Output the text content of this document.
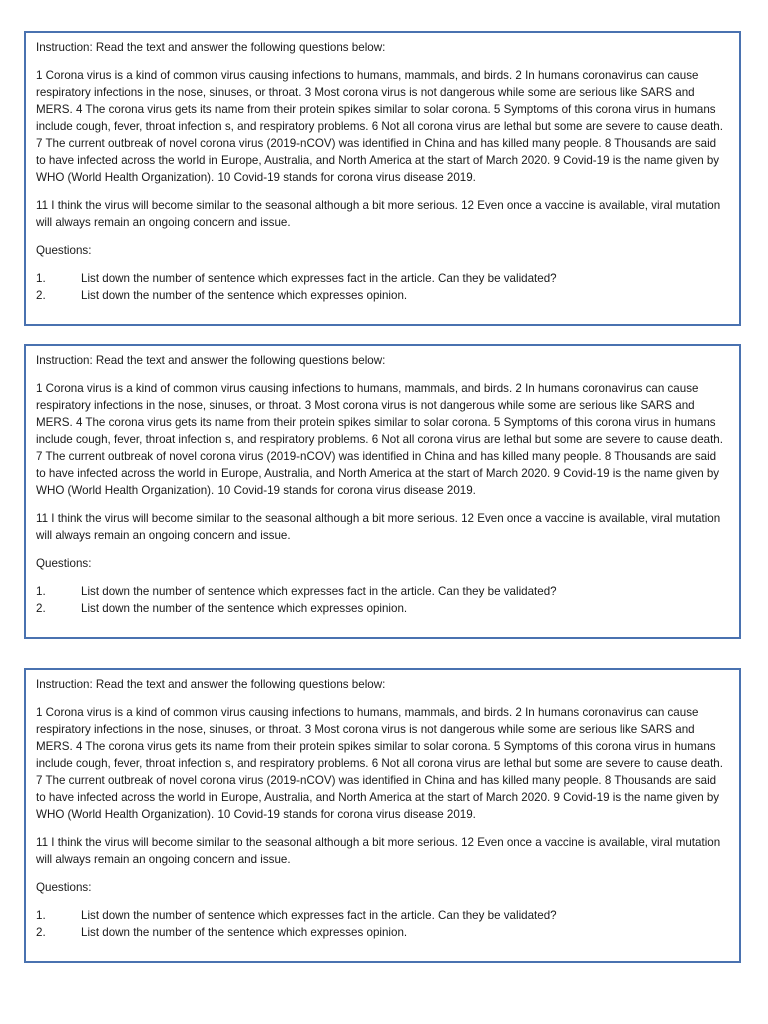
Instruction: Read the text and answer the following questions below:

1 Corona virus is a kind of common virus causing infections to humans, mammals, and birds. 2 In humans coronavirus can cause respiratory infections in the nose, sinuses, or throat. 3 Most corona virus is not dangerous while some are serious like SARS and MERS. 4 The corona virus gets its name from their protein spikes similar to solar corona. 5 Symptoms of this corona virus in humans include cough, fever, throat infection s, and respiratory problems. 6 Not all corona virus are lethal but some are severe to cause death. 7 The current outbreak of novel corona virus (2019-nCOV) was identified in China and has killed many people. 8 Thousands are said to have infected across the world in Europe, Australia, and North America at the start of March 2020. 9 Covid-19 is the name given by WHO (World Health Organization). 10 Covid-19 stands for corona virus disease 2019.

11 I think the virus will become similar to the seasonal although a bit more serious. 12 Even once a vaccine is available, viral mutation will always remain an ongoing concern and issue.

Questions:

1.	List down the number of sentence which expresses fact in the article. Can they be validated?
2.	List down the number of the sentence which expresses opinion.

Instruction: Read the text and answer the following questions below:

1 Corona virus is a kind of common virus causing infections to humans, mammals, and birds. 2 In humans coronavirus can cause respiratory infections in the nose, sinuses, or throat. 3 Most corona virus is not dangerous while some are serious like SARS and MERS. 4 The corona virus gets its name from their protein spikes similar to solar corona. 5 Symptoms of this corona virus in humans include cough, fever, throat infection s, and respiratory problems. 6 Not all corona virus are lethal but some are severe to cause death. 7 The current outbreak of novel corona virus (2019-nCOV) was identified in China and has killed many people. 8 Thousands are said to have infected across the world in Europe, Australia, and North America at the start of March 2020. 9 Covid-19 is the name given by WHO (World Health Organization). 10 Covid-19 stands for corona virus disease 2019.

11 I think the virus will become similar to the seasonal although a bit more serious. 12 Even once a vaccine is available, viral mutation will always remain an ongoing concern and issue.

Questions:

1.	List down the number of sentence which expresses fact in the article. Can they be validated?
2.	List down the number of the sentence which expresses opinion.

Instruction: Read the text and answer the following questions below:

1 Corona virus is a kind of common virus causing infections to humans, mammals, and birds. 2 In humans coronavirus can cause respiratory infections in the nose, sinuses, or throat. 3 Most corona virus is not dangerous while some are serious like SARS and MERS. 4 The corona virus gets its name from their protein spikes similar to solar corona. 5 Symptoms of this corona virus in humans include cough, fever, throat infection s, and respiratory problems. 6 Not all corona virus are lethal but some are severe to cause death. 7 The current outbreak of novel corona virus (2019-nCOV) was identified in China and has killed many people. 8 Thousands are said to have infected across the world in Europe, Australia, and North America at the start of March 2020. 9 Covid-19 is the name given by WHO (World Health Organization). 10 Covid-19 stands for corona virus disease 2019.

11 I think the virus will become similar to the seasonal although a bit more serious. 12 Even once a vaccine is available, viral mutation will always remain an ongoing concern and issue.

Questions:

1.	List down the number of sentence which expresses fact in the article. Can they be validated?
2.	List down the number of the sentence which expresses opinion.
